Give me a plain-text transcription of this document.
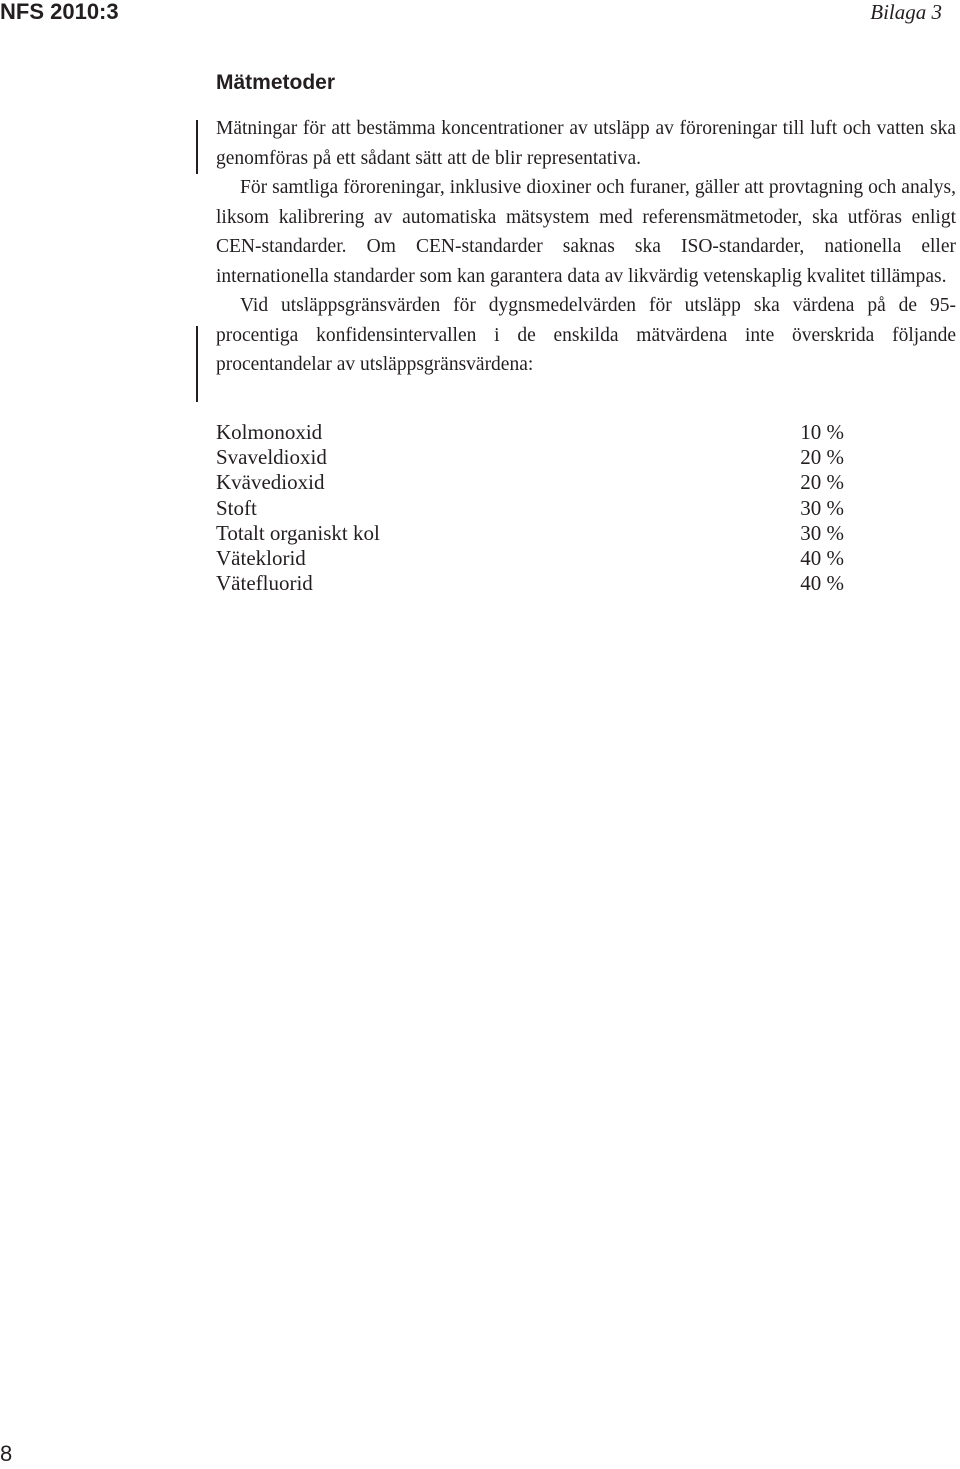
NFS 2010:3	Bilaga 3
Mätmetoder

Mätningar för att bestämma koncentrationer av utsläpp av föroreningar till luft och vatten ska genomföras på ett sådant sätt att de blir representativa.

För samtliga föroreningar, inklusive dioxiner och furaner, gäller att provtagning och analys, liksom kalibrering av automatiska mätsystem med referensmätmetoder, ska utföras enligt CEN-standarder. Om CEN-standarder saknas ska ISO-standarder, nationella eller internationella standarder som kan garantera data av likvärdig vetenskaplig kvalitet tillämpas.

Vid utsläppsgränsvärden för dygnsmedelvärden för utsläpp ska värdena på de 95-procentiga konfidensintervallen i de enskilda mätvärdena inte överskrida följande procentandelar av utsläppsgränsvärdena:

Kolmonoxid	10 %
Svaveldioxid	20 %
Kvävedioxid	20 %
Stoft	30 %
Totalt organiskt kol	30 %
Väteklorid	40 %
Vätefluorid	40 %
8
